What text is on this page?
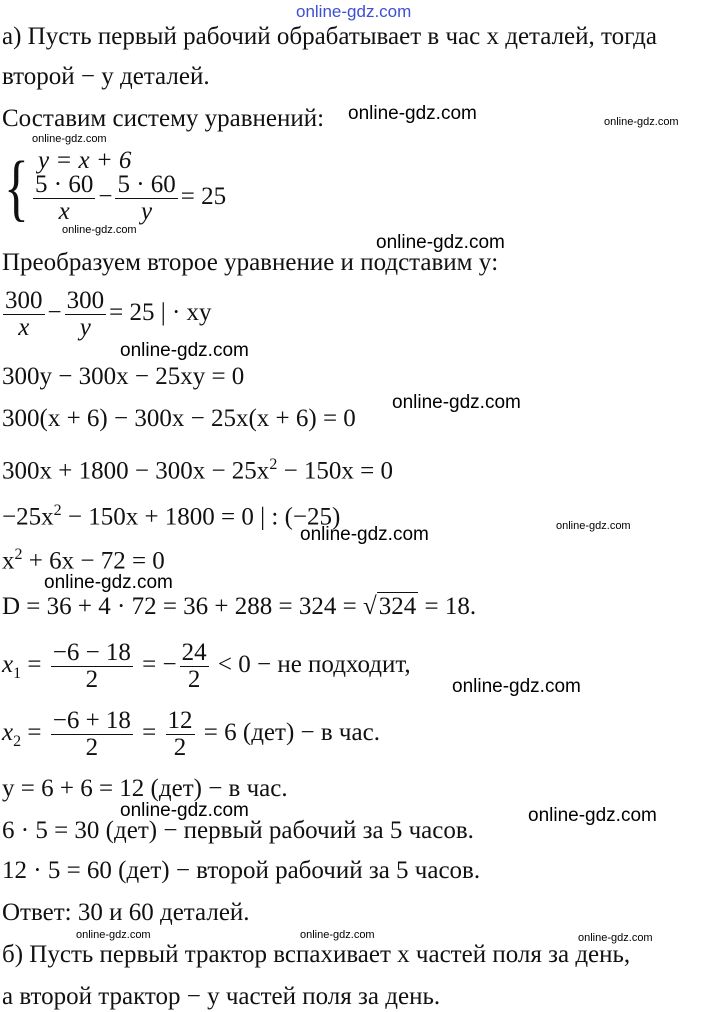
online-gdz.com
online-gdz.com	online-gdz.com
online-gdz.com
online-gdz.com
online-gdz.com
online-gdz.com
online-gdz.com
online-gdz.com
online-gdz.com
online-gdz.com
online-gdz.com
online-gdz.com	online-gdz.com
online-gdz.com	online-gdz.com	online-gdz.com
а) Пусть первый рабочий обрабатывает в час x деталей, тогда
второй − y деталей.
Составим систему уравнений:
{ y = x + 6
$\frac{5 \cdot 60}{x} - \frac{5 \cdot 60}{y} = 25$
Преобразуем второе уравнение и подставим y:
$\frac{300}{x} - \frac{300}{y} = 25$ | · xy
300y − 300x − 25xy = 0
300(x + 6) − 300x − 25x(x + 6) = 0
$300x + 1800 - 300x - 25x^2 - 150x = 0$
$-25x^2 - 150x + 1800 = 0$ | : (−25)
$x^2 + 6x - 72 = 0$
D = 36 + 4 · 72 = 36 + 288 = 324 = √324 = 18.
$x_1 = \frac{-6 - 18}{2}$ = − $\frac{24}{2} < 0$ − не подходит,
$x_2 = \frac{-6 + 18}{2} = \frac{12}{2} = 6$ (дет) − в час.
y = 6 + 6 = 12 (дет) − в час.
6 · 5 = 30 (дет) − первый рабочий за 5 часов.
12 · 5 = 60 (дет) − второй рабочий за 5 часов.
Ответ: 30 и 60 деталей.
б) Пусть первый трактор вспахивает x частей поля за день,
а второй трактор − y частей поля за день.
